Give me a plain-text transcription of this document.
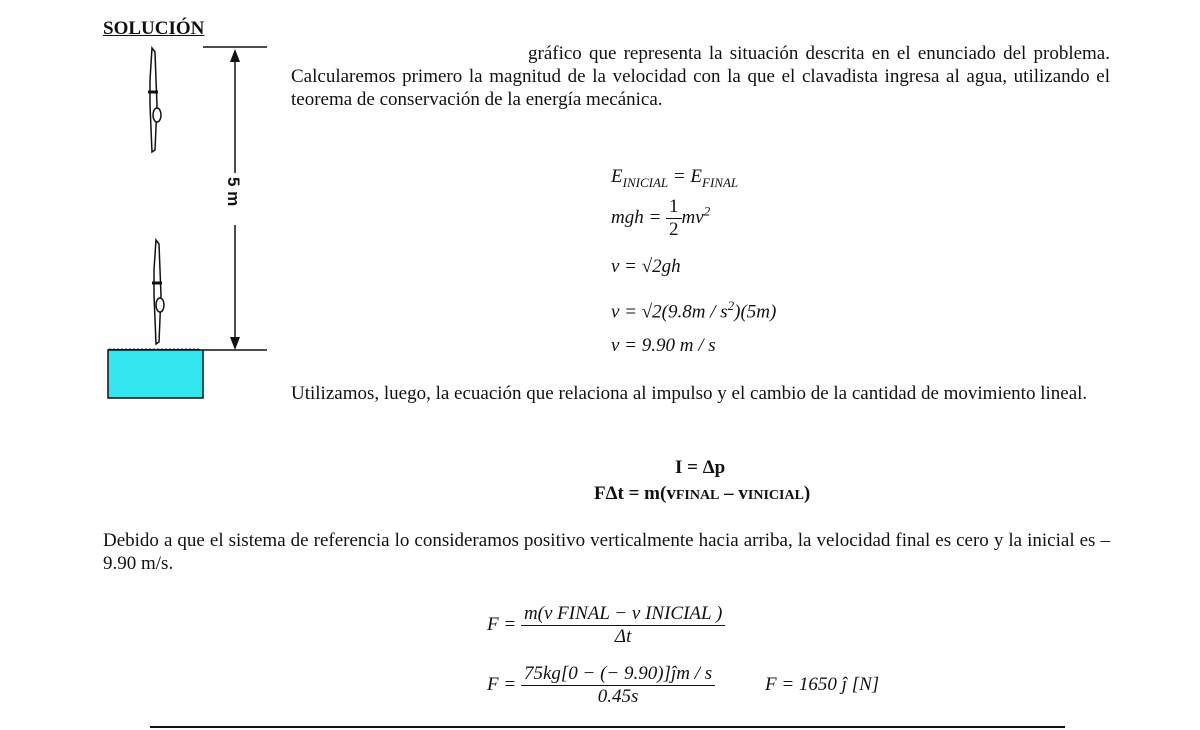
SOLUCIÓN
5 m
gráfico que representa la situación descrita en el enunciado del problema. Calcularemos primero la magnitud de la velocidad con la que el clavadista ingresa al agua, utilizando el teorema de conservación de la energía mecánica.
$E_{INICIAL} = E_{FINAL}$
mgh = $\frac{1}{2} mv^2$
v = √2gh
$v = √2(9.8m / s^2)(5m)$
v = 9.90 m / s
Utilizamos, luego, la ecuación que relaciona al impulso y el cambio de la cantidad de movimiento lineal.
I = Δp
FΔt = m(vFINAL – vINICIAL)
Debido a que el sistema de referencia lo consideramos positivo verticalmente hacia arriba, la velocidad final es cero y la inicial es – 9.90 m/s.
$F = \frac{\text{m(v FINAL − v INICIAL )}}{\Delta t}$
$F = \frac{75kg[0 - (- 9.90)]ĵm / s}{0.45s}$	F = 1650 ĵ [N]
